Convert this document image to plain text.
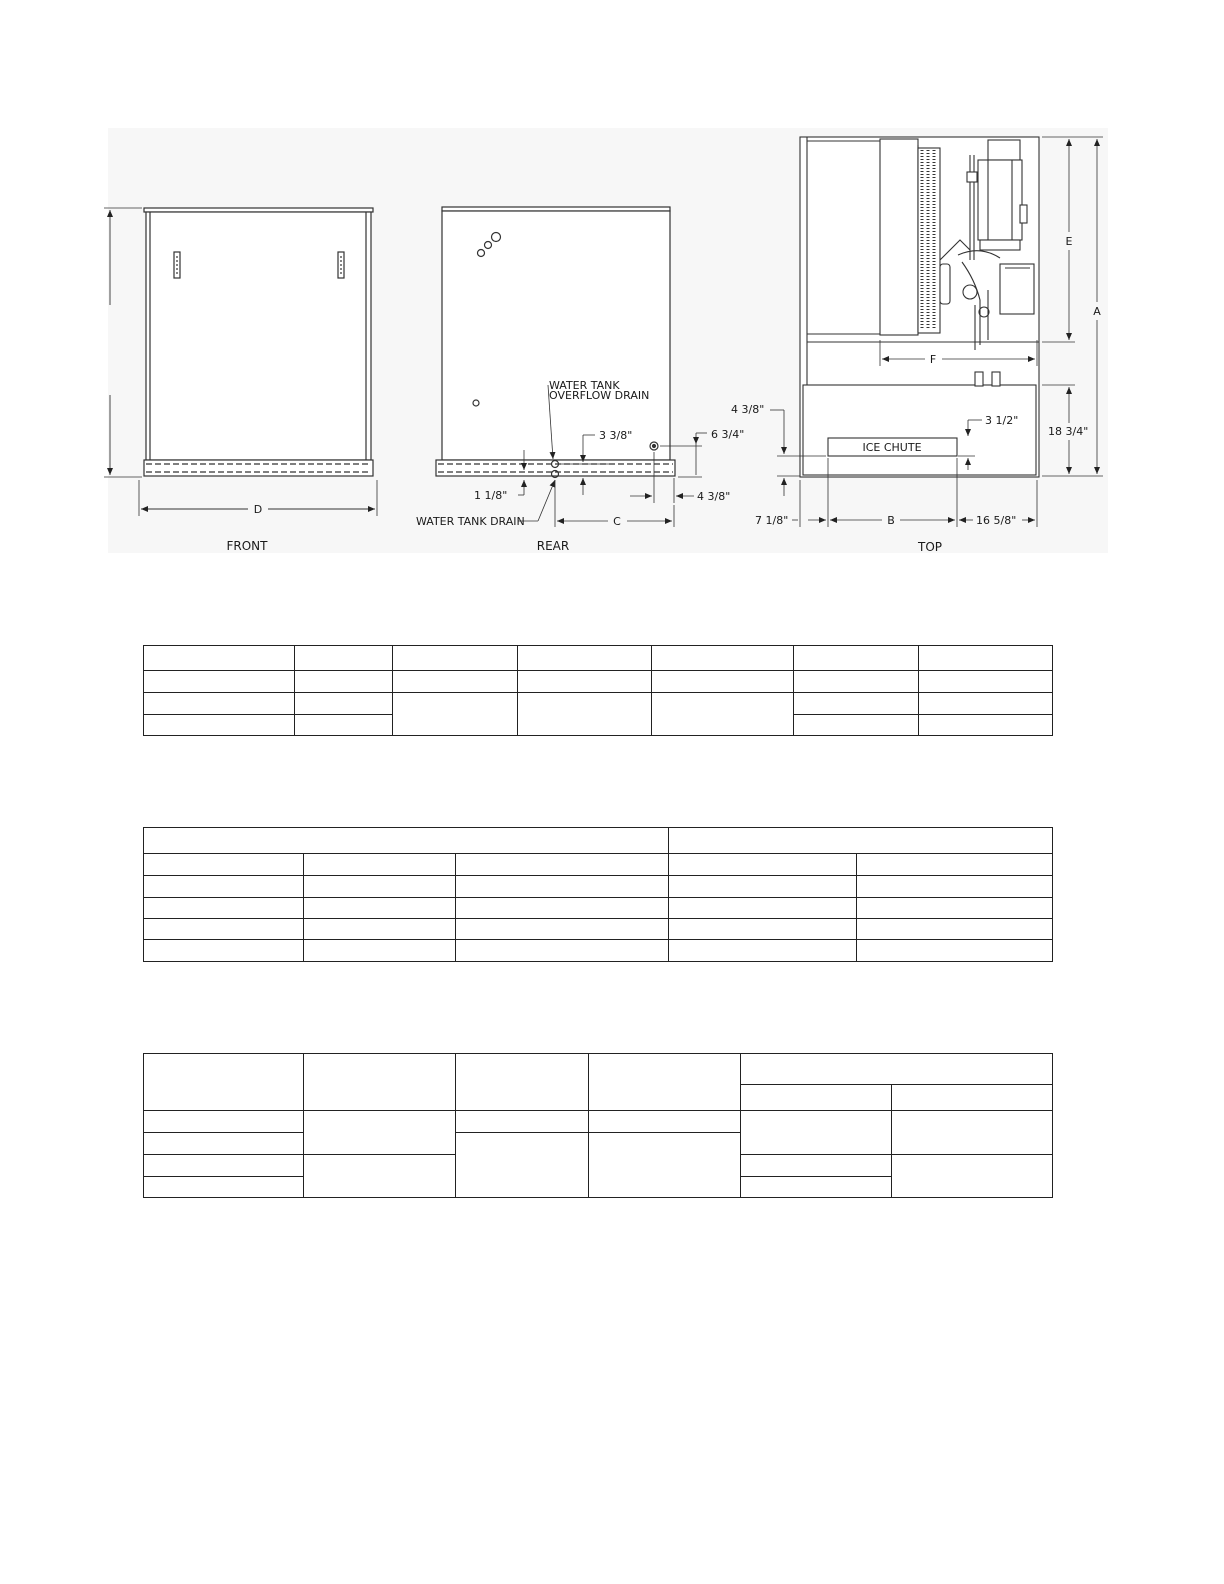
D
FRONT
WATER TANK
OVERFLOW DRAIN
3 3/8"	6 3/4"
1 1/8"	4 3/8"
WATER TANK DRAIN	C
REAR
ICE CHUTE
E
A
F
18 3/4"
4 3/8"
3 1/2"
7 1/8"	B	16 5/8"
TOP
